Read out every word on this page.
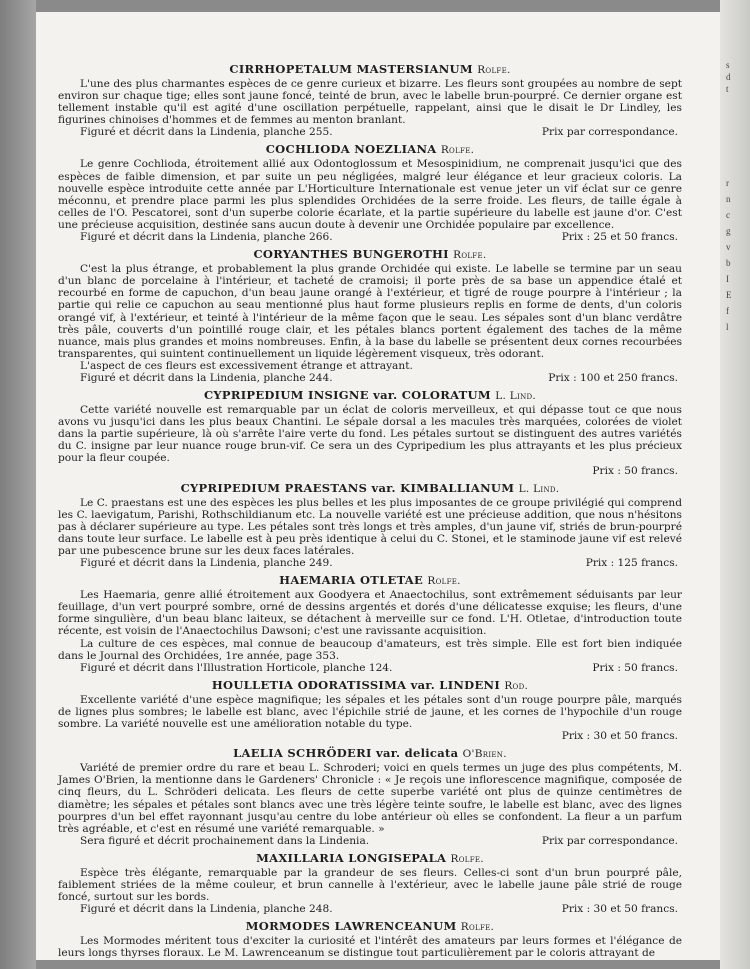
CIRRHOPETALUM MASTERSIANUM Rolfe.

L'une des plus charmantes espèces de ce genre curieux et bizarre. Les fleurs sont groupées au nombre de sept environ sur chaque tige; elles sont jaune foncé, teinté de brun, avec le labelle brun-pourpré. Ce dernier organe est tellement instable qu'il est agité d'une oscillation perpétuelle, rappelant, ainsi que le disait le Dr Lindley, les figurines chinoises d'hommes et de femmes au menton branlant.

Figuré et décrit dans la Lindenia, planche 255.	Prix par correspondance.
COCHLIODA NOEZLIANA Rolfe.

Le genre Cochlioda, étroitement allié aux Odontoglossum et Mesospinidium, ne comprenait jusqu'ici que des espèces de faible dimension, et par suite un peu négligées, malgré leur élégance et leur gracieux coloris. La nouvelle espèce introduite cette année par L'Horticulture Internationale est venue jeter un vif éclat sur ce genre méconnu, et prendre place parmi les plus splendides Orchidées de la serre froide. Les fleurs, de taille égale à celles de l'O. Pescatorei, sont d'un superbe colorie écarlate, et la partie supérieure du labelle est jaune d'or. C'est une précieuse acquisition, destinée sans aucun doute à devenir une Orchidée populaire par excellence.

Figuré et décrit dans la Lindenia, planche 266.	Prix : 25 et 50 francs.
CORYANTHES BUNGEROTHI Rolfe.

C'est la plus étrange, et probablement la plus grande Orchidée qui existe. Le labelle se termine par un seau d'un blanc de porcelaine à l'intérieur, et tacheté de cramoisi; il porte près de sa base un appendice étalé et recourbé en forme de capuchon, d'un beau jaune orangé à l'extérieur, et tigré de rouge pourpre à l'intérieur ; la partie qui relie ce capuchon au seau mentionné plus haut forme plusieurs replis en forme de dents, d'un coloris orangé vif, à l'extérieur, et teinté à l'intérieur de la même façon que le seau. Les sépales sont d'un blanc verdâtre très pâle, couverts d'un pointillé rouge clair, et les pétales blancs portent également des taches de la même nuance, mais plus grandes et moins nombreuses. Enfin, à la base du labelle se présentent deux cornes recourbées transparentes, qui suintent continuellement un liquide légèrement visqueux, très odorant.

L'aspect de ces fleurs est excessivement étrange et attrayant.

Figuré et décrit dans la Lindenia, planche 244.	Prix : 100 et 250 francs.
CYPRIPEDIUM INSIGNE var. COLORATUM L. Lind.

Cette variété nouvelle est remarquable par un éclat de coloris merveilleux, et qui dépasse tout ce que nous avons vu jusqu'ici dans les plus beaux Chantini. Le sépale dorsal a les macules très marquées, colorées de violet dans la partie supérieure, là où s'arrête l'aire verte du fond. Les pétales surtout se distinguent des autres variétés du C. insigne par leur nuance rouge brun-vif. Ce sera un des Cypripedium les plus attrayants et les plus précieux pour la fleur coupée.

Prix : 50 francs.
CYPRIPEDIUM PRAESTANS var. KIMBALLIANUM L. Lind.

Le C. praestans est une des espèces les plus belles et les plus imposantes de ce groupe privilégié qui comprend les C. laevigatum, Parishi, Rothschildianum etc. La nouvelle variété est une précieuse addition, que nous n'hésitons pas à déclarer supérieure au type. Les pétales sont très longs et très amples, d'un jaune vif, striés de brun-pourpré dans toute leur surface. Le labelle est à peu près identique à celui du C. Stonei, et le staminode jaune vif est relevé par une pubescence brune sur les deux faces latérales.

Figuré et décrit dans la Lindenia, planche 249.	Prix : 125 francs.
HAEMARIA OTLETAE Rolfe.

Les Haemaria, genre allié étroitement aux Goodyera et Anaectochilus, sont extrêmement séduisants par leur feuillage, d'un vert pourpré sombre, orné de dessins argentés et dorés d'une délicatesse exquise; les fleurs, d'une forme singulière, d'un beau blanc laiteux, se détachent à merveille sur ce fond. L'H. Otletae, d'introduction toute récente, est voisin de l'Anaectochilus Dawsoni; c'est une ravissante acquisition.

La culture de ces espèces, mal connue de beaucoup d'amateurs, est très simple. Elle est fort bien indiquée dans le Journal des Orchidées, 1re année, page 353.

Figuré et décrit dans l'Illustration Horticole, planche 124.	Prix : 50 francs.
HOULLETIA ODORATISSIMA var. LINDENI Rod.

Excellente variété d'une espèce magnifique; les sépales et les pétales sont d'un rouge pourpre pâle, marqués de lignes plus sombres; le labelle est blanc, avec l'épichile strié de jaune, et les cornes de l'hypochile d'un rouge sombre. La variété nouvelle est une amélioration notable du type.

Prix : 30 et 50 francs.
LAELIA SCHRÖDERI var. delicata O'Brien.

Variété de premier ordre du rare et beau L. Schroderi; voici en quels termes un juge des plus compétents, M. James O'Brien, la mentionne dans le Gardeners' Chronicle : « Je reçois une inflorescence magnifique, composée de cinq fleurs, du L. Schröderi delicata. Les fleurs de cette superbe variété ont plus de quinze centimètres de diamètre; les sépales et pétales sont blancs avec une très légère teinte soufre, le labelle est blanc, avec des lignes pourpres d'un bel effet rayonnant jusqu'au centre du lobe antérieur où elles se confondent. La fleur a un parfum très agréable, et c'est en résumé une variété remarquable. »

Sera figuré et décrit prochainement dans la Lindenia.	Prix par correspondance.
MAXILLARIA LONGISEPALA Rolfe.

Espèce très élégante, remarquable par la grandeur de ses fleurs. Celles-ci sont d'un brun pourpré pâle, faiblement striées de la même couleur, et brun cannelle à l'extérieur, avec le labelle jaune pâle strié de rouge foncé, surtout sur les bords.

Figuré et décrit dans la Lindenia, planche 248.	Prix : 30 et 50 francs.
MORMODES LAWRENCEANUM Rolfe.

Les Mormodes méritent tous d'exciter la curiosité et l'intérêt des amateurs par leurs formes et l'élégance de leurs longs thyrses floraux. Le M. Lawrenceanum se distingue tout particulièrement par le coloris attrayant de

s
d
t
r
n
c
g
v
b
I
E
f
l
